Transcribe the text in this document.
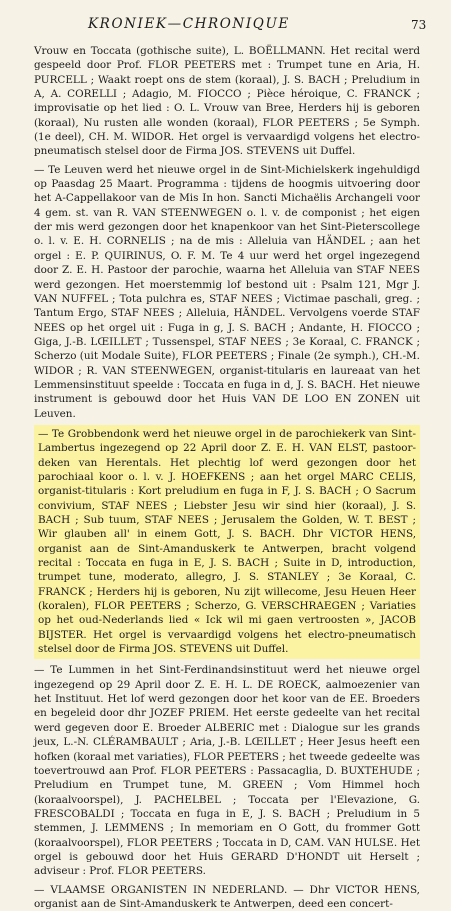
KRONIEK—CHRONIQUE	73

Vrouw en Toccata (gothische suite), L. BOËLLMANN. Het recital werd gespeeld door Prof. FLOR PEETERS met : Trumpet tune en Aria, H. PURCELL ; Waakt roept ons de stem (koraal), J. S. BACH ; Preludium in A, A. CORELLI ; Adagio, M. FIOCCO ; Pièce héroique, C. FRANCK ; improvisatie op het lied : O. L. Vrouw van Bree, Herders hij is geboren (koraal), Nu rusten alle wonden (koraal), FLOR PEETERS ; 5e Symph. (1e deel), CH. M. WIDOR. Het orgel is vervaardigd volgens het electro-pneumatisch stelsel door de Firma JOS. STEVENS uit Duffel.

— Te Leuven werd het nieuwe orgel in de Sint-Michielskerk ingehuldigd op Paasdag 25 Maart. Programma : tijdens de hoogmis uitvoering door het A-Cappellakoor van de Mis In hon. Sancti Michaëlis Archangeli voor 4 gem. st. van R. VAN STEENWEGEN o. l. v. de componist ; het eigen der mis werd gezongen door het knapenkoor van het Sint-Pieterscollege o. l. v. E. H. CORNELIS ; na de mis : Alleluia van HÄNDEL ; aan het orgel : E. P. QUIRINUS, O. F. M. Te 4 uur werd het orgel ingezegend door Z. E. H. Pastoor der parochie, waarna het Alleluia van STAF NEES werd gezongen. Het moerstemmig lof bestond uit : Psalm 121, Mgr J. VAN NUFFEL ; Tota pulchra es, STAF NEES ; Victimae paschali, greg. ; Tantum Ergo, STAF NEES ; Alleluia, HÄNDEL. Vervolgens voerde STAF NEES op het orgel uit : Fuga in g, J. S. BACH ; Andante, H. FIOCCO ; Giga, J.-B. LŒILLET ; Tussenspel, STAF NEES ; 3e Koraal, C. FRANCK ; Scherzo (uit Modale Suite), FLOR PEETERS ; Finale (2e symph.), CH.-M. WIDOR ; R. VAN STEENWEGEN, organist-titularis en laureaat van het Lemmensinstituut speelde : Toccata en fuga in d, J. S. BACH. Het nieuwe instrument is gebouwd door het Huis VAN DE LOO EN ZONEN uit Leuven.

— Te Grobbendonk werd het nieuwe orgel in de parochiekerk van Sint-Lambertus ingezegend op 22 April door Z. E. H. VAN ELST, pastoor-deken van Herentals. Het plechtig lof werd gezongen door het parochiaal koor o. l. v. J. HOEFKENS ; aan het orgel MARC CELIS, organist-titularis : Kort preludium en fuga in F, J. S. BACH ; O Sacrum convivium, STAF NEES ; Liebster Jesu wir sind hier (koraal), J. S. BACH ; Sub tuum, STAF NEES ; Jerusalem the Golden, W. T. BEST ; Wir glauben all' in einem Gott, J. S. BACH. Dhr VICTOR HENS, organist aan de Sint-Amanduskerk te Antwerpen, bracht volgend recital : Toccata en fuga in E, J. S. BACH ; Suite in D, introduction, trumpet tune, moderato, allegro, J. S. STANLEY ; 3e Koraal, C. FRANCK ; Herders hij is geboren, Nu zijt willecome, Jesu Heuen Heer (koralen), FLOR PEETERS ; Scherzo, G. VERSCHRAEGEN ; Variaties op het oud-Nederlands lied « Ick wil mi gaen vertroosten », JACOB BIJSTER. Het orgel is vervaardigd volgens het electro-pneumatisch stelsel door de Firma JOS. STEVENS uit Duffel.

— Te Lummen in het Sint-Ferdinandsinstituut werd het nieuwe orgel ingezegend op 29 April door Z. E. H. L. DE ROECK, aalmoezenier van het Instituut. Het lof werd gezongen door het koor van de EE. Broeders en begeleid door dhr JOZEF PRIEM. Het eerste gedeelte van het recital werd gegeven door E. Broeder ALBERIC met : Dialogue sur les grands jeux, L.-N. CLÉRAMBAULT ; Aria, J.-B. LŒILLET ; Heer Jesus heeft een hofken (koraal met variaties), FLOR PEETERS ; het tweede gedeelte was toevertrouwd aan Prof. FLOR PEETERS : Passacaglia, D. BUXTEHUDE ; Preludium en Trumpet tune, M. GREEN ; Vom Himmel hoch (koraalvoorspel), J. PACHELBEL ; Toccata per l'Elevazione, G. FRESCOBALDI ; Toccata en fuga in E, J. S. BACH ; Preludium in 5 stemmen, J. LEMMENS ; In memoriam en O Gott, du frommer Gott (koraalvoorspel), FLOR PEETERS ; Toccata in D, CAM. VAN HULSE. Het orgel is gebouwd door het Huis GERARD D'HONDT uit Herselt ; adviseur : Prof. FLOR PEETERS.

— VLAAMSE ORGANISTEN IN NEDERLAND. — Dhr VICTOR HENS, organist aan de Sint-Amanduskerk te Antwerpen, deed een concert-
